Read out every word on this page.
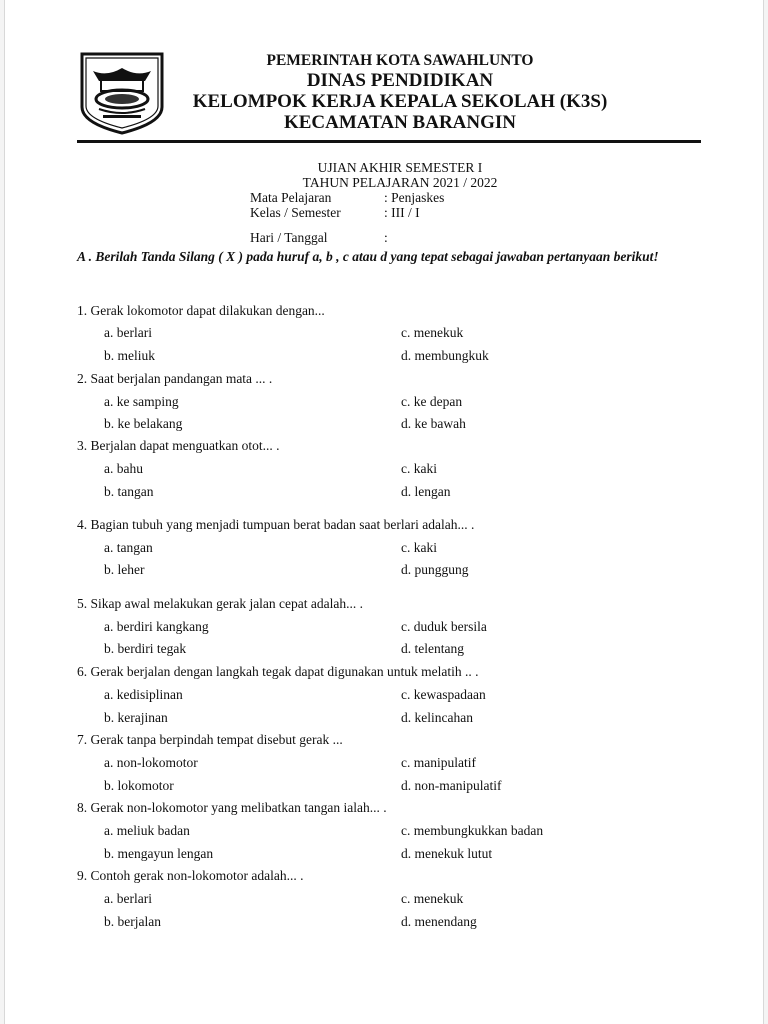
PEMERINTAH KOTA SAWAHLUNTO
DINAS PENDIDIKAN
KELOMPOK KERJA KEPALA SEKOLAH (K3S)
KECAMATAN BARANGIN
UJIAN AKHIR SEMESTER I
TAHUN PELAJARAN 2021 / 2022
Mata Pelajaran	: Penjaskes
Kelas / Semester	: III / I
Hari / Tanggal	:
A . Berilah Tanda Silang ( X ) pada huruf a, b , c atau d yang tepat sebagai jawaban pertanyaan berikut!
1. Gerak lokomotor dapat dilakukan dengan...
a. berlari	c. menekuk
b. meliuk	d. membungkuk
2. Saat berjalan pandangan mata ... .
a. ke samping	c. ke depan
b. ke belakang	d. ke bawah
3. Berjalan dapat menguatkan otot... .
a. bahu	c. kaki
b. tangan	d. lengan
4. Bagian tubuh yang menjadi tumpuan berat badan saat berlari adalah... .
a. tangan	c. kaki
b. leher	d. punggung
5. Sikap awal melakukan gerak jalan cepat adalah... .
a. berdiri kangkang	c. duduk bersila
b. berdiri tegak	d. telentang
6. Gerak berjalan dengan langkah tegak dapat digunakan untuk melatih .. .
a. kedisiplinan	c. kewaspadaan
b. kerajinan	d. kelincahan
7. Gerak tanpa berpindah tempat disebut gerak ...
a. non-lokomotor	c. manipulatif
b. lokomotor	d. non-manipulatif
8. Gerak non-lokomotor yang melibatkan tangan ialah... .
a. meliuk badan	c. membungkukkan badan
b. mengayun lengan	d. menekuk lutut
9. Contoh gerak non-lokomotor adalah... .
a. berlari	c. menekuk
b. berjalan	d. menendang
